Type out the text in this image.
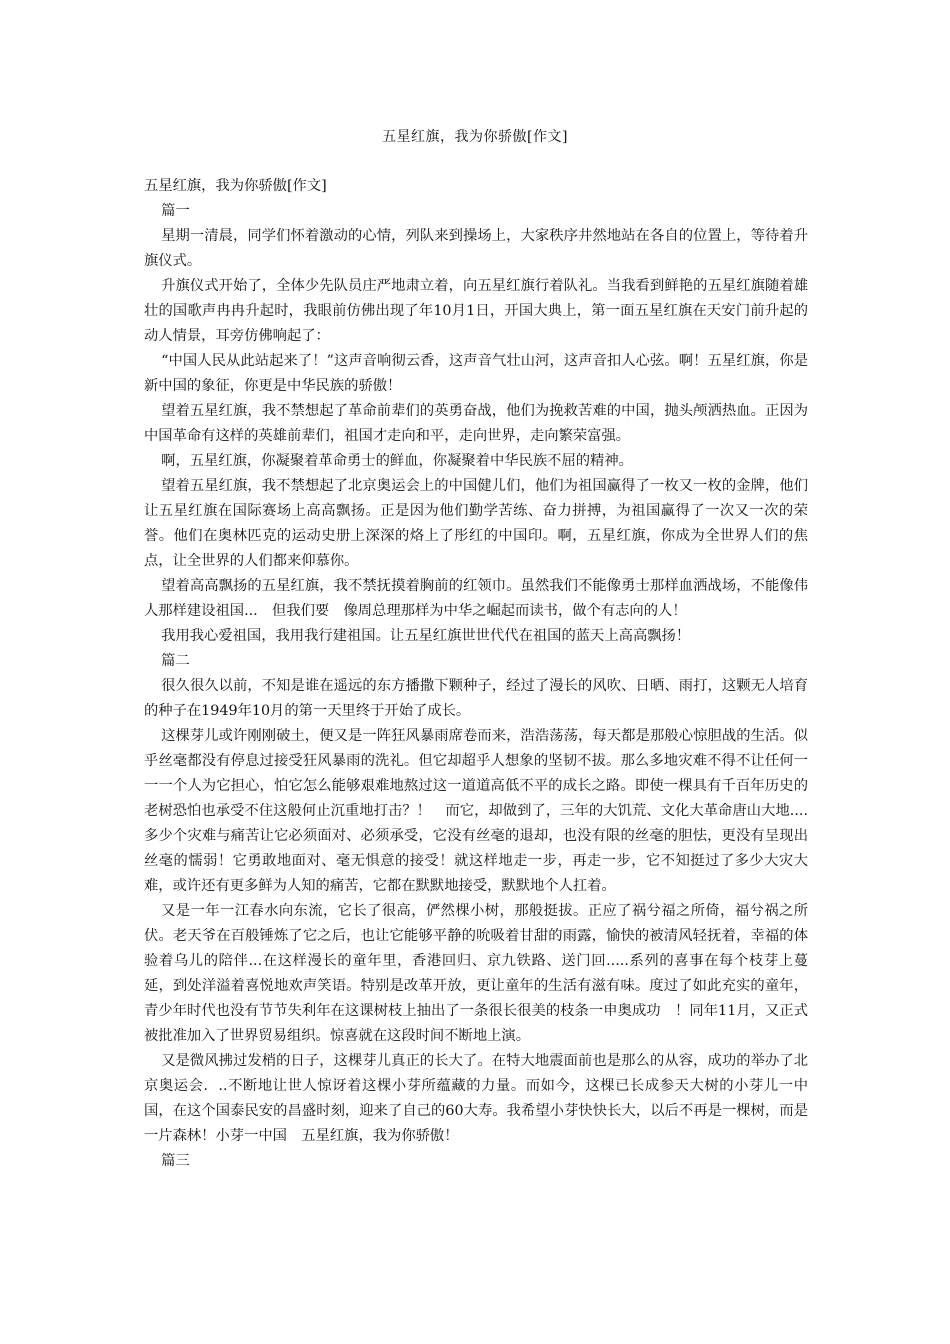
五星红旗，我为你骄傲[作文]

五星红旗，我为你骄傲[作文]

篇一

星期一清晨，同学们怀着激动的心情，列队来到操场上，大家秩序井然地站在各自的位置上，等待着升旗仪式。

升旗仪式开始了，全体少先队员庄严地肃立着，向五星红旗行着队礼。当我看到鲜艳的五星红旗随着雄壮的国歌声冉冉升起时，我眼前仿佛出现了年10月1日，开国大典上，第一面五星红旗在天安门前升起的动人情景，耳旁仿佛响起了：

“中国人民从此站起来了！”这声音响彻云香，这声音气壮山河，这声音扣人心弦。啊！五星红旗，你是新中国的象征，你更是中华民族的骄傲！

望着五星红旗，我不禁想起了革命前辈们的英勇奋战，他们为挽救苦难的中国，抛头颅洒热血。正因为中国革命有这样的英雄前辈们，祖国才走向和平，走向世界，走向繁荣富强。

啊，五星红旗，你凝聚着革命勇士的鲜血，你凝聚着中华民族不屈的精神。

望着五星红旗，我不禁想起了北京奥运会上的中国健儿们，他们为祖国赢得了一枚又一枚的金牌，他们让五星红旗在国际赛场上高高飘扬。正是因为他们勤学苦练、奋力拼搏，为祖国赢得了一次又一次的荣誉。他们在奥林匹克的运动史册上深深的烙上了彤红的中国印。啊，五星红旗，你成为全世界人们的焦点，让全世界的人们都来仰慕你。

望着高高飘扬的五星红旗，我不禁抚摸着胸前的红领巾。虽然我们不能像勇士那样血洒战场，不能像伟人那样建设祖国...　但我们要　像周总理那样为中华之崛起而读书，做个有志向的人！

我用我心爱祖国，我用我行建祖国。让五星红旗世世代代在祖国的蓝天上高高飘扬！

篇二

很久很久以前，不知是谁在遥远的东方播撒下颗种子，经过了漫长的风吹、日晒、雨打，这颗无人培育的种子在1949年10月的第一天里终于开始了成长。

这棵芽儿或许刚刚破土，便又是一阵狂风暴雨席卷而来，浩浩荡荡，每天都是那般心惊胆战的生活。似乎丝毫都没有停息过接受狂风暴雨的洗礼。但它却超乎人想象的坚韧不拔。那么多地灾难不得不让任何一一一个人为它担心，怕它怎么能够艰难地熬过这一道道高低不平的成长之路。即使一棵具有千百年历史的老树恐怕也承受不住这般何止沉重地打击？！　而它，却做到了，三年的大饥荒、文化大革命唐山大地....　多少个灾难与痛苦让它必须面对、必须承受，它没有丝毫的退却，也没有限的丝毫的胆怯，更没有呈现出丝毫的懦弱！它勇敢地面对、毫无惧意的接受！就这样地走一步，再走一步，它不知挺过了多少大灾大难，或许还有更多鲜为人知的痛苦，它都在默默地接受，默默地个人扛着。

又是一年一江春水向东流，它长了很高，俨然棵小树，那般挺拔。正应了祸兮福之所倚，福兮祸之所伏。老天爷在百般锤炼了它之后，也让它能够平静的吮吸着甘甜的雨露，愉快的被清风轻抚着，幸福的体验着乌儿的陪伴...在这样漫长的童年里，香港回归、京九铁路、送门回.....系列的喜事在每个枝芽上蔓延，到处洋溢着喜悦地欢声笑语。特别是改革开放，更让童年的生活有滋有味。度过了如此充实的童年，青少年时代也没有节节失利年在这课树枝上抽出了一条很长很美的枝条一申奥成功　！同年11月，又正式被批准加入了世界贸易组织。惊喜就在这段时间不断地上演。

又是微风拂过发梢的日子，这棵芽儿真正的长大了。在特大地震面前也是那么的从容，成功的举办了北京奥运会．..不断地让世人惊讶着这棵小芽所蕴藏的力量。而如今，这棵已长成参天大树的小芽儿一中国，在这个国泰民安的昌盛时刻，迎来了自己的60大寿。我希望小芽快快长大，以后不再是一棵树，而是一片森林！小芽一中国　五星红旗，我为你骄傲！

篇三
